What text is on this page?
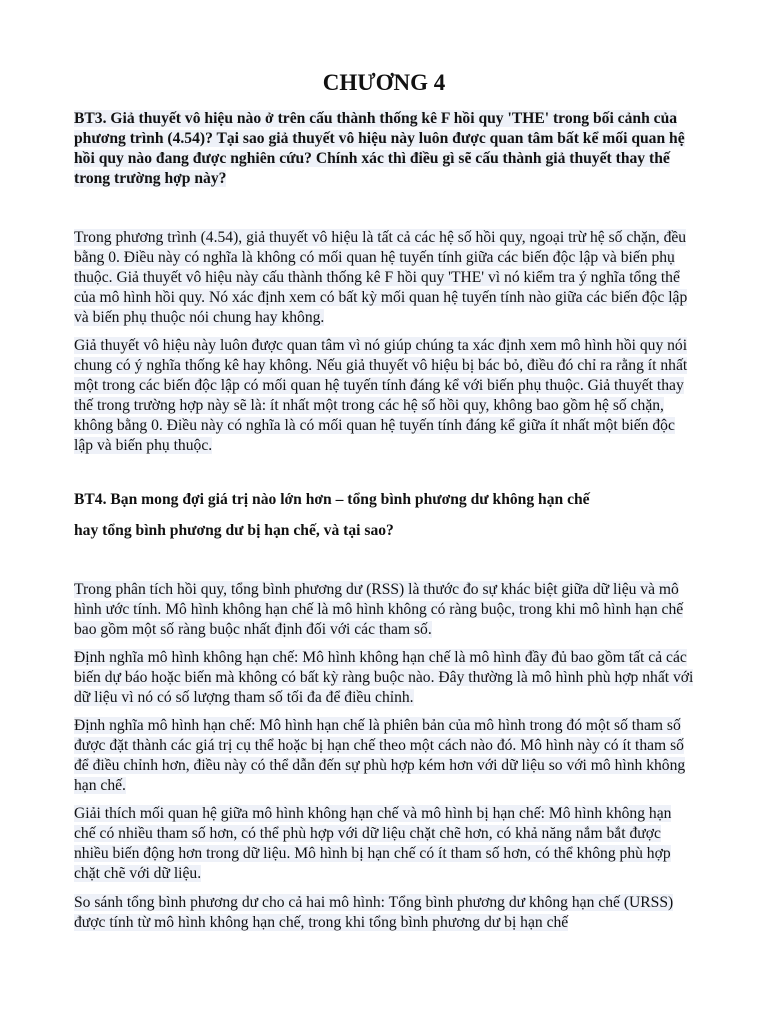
CHƯƠNG 4
BT3. Giả thuyết vô hiệu nào ở trên cấu thành thống kê F hồi quy 'THE' trong bối cảnh của phương trình (4.54)? Tại sao giả thuyết vô hiệu này luôn được quan tâm bất kể mối quan hệ hồi quy nào đang được nghiên cứu? Chính xác thì điều gì sẽ cấu thành giả thuyết thay thế trong trường hợp này?
Trong phương trình (4.54), giả thuyết vô hiệu là tất cả các hệ số hồi quy, ngoại trừ hệ số chặn, đều bằng 0. Điều này có nghĩa là không có mối quan hệ tuyến tính giữa các biến độc lập và biến phụ thuộc. Giả thuyết vô hiệu này cấu thành thống kê F hồi quy 'THE' vì nó kiểm tra ý nghĩa tổng thể của mô hình hồi quy. Nó xác định xem có bất kỳ mối quan hệ tuyến tính nào giữa các biến độc lập và biến phụ thuộc nói chung hay không.
Giả thuyết vô hiệu này luôn được quan tâm vì nó giúp chúng ta xác định xem mô hình hồi quy nói chung có ý nghĩa thống kê hay không. Nếu giả thuyết vô hiệu bị bác bỏ, điều đó chỉ ra rằng ít nhất một trong các biến độc lập có mối quan hệ tuyến tính đáng kể với biến phụ thuộc. Giả thuyết thay thế trong trường hợp này sẽ là: ít nhất một trong các hệ số hồi quy, không bao gồm hệ số chặn, không bằng 0. Điều này có nghĩa là có mối quan hệ tuyến tính đáng kể giữa ít nhất một biến độc lập và biến phụ thuộc.
BT4. Bạn mong đợi giá trị nào lớn hơn – tổng bình phương dư không hạn chế
hay tổng bình phương dư bị hạn chế, và tại sao?
Trong phân tích hồi quy, tổng bình phương dư (RSS) là thước đo sự khác biệt giữa dữ liệu và mô hình ước tính. Mô hình không hạn chế là mô hình không có ràng buộc, trong khi mô hình hạn chế bao gồm một số ràng buộc nhất định đối với các tham số.
Định nghĩa mô hình không hạn chế: Mô hình không hạn chế là mô hình đầy đủ bao gồm tất cả các biến dự báo hoặc biến mà không có bất kỳ ràng buộc nào. Đây thường là mô hình phù hợp nhất với dữ liệu vì nó có số lượng tham số tối đa để điều chỉnh.
Định nghĩa mô hình hạn chế: Mô hình hạn chế là phiên bản của mô hình trong đó một số tham số được đặt thành các giá trị cụ thể hoặc bị hạn chế theo một cách nào đó. Mô hình này có ít tham số để điều chỉnh hơn, điều này có thể dẫn đến sự phù hợp kém hơn với dữ liệu so với mô hình không hạn chế.
Giải thích mối quan hệ giữa mô hình không hạn chế và mô hình bị hạn chế: Mô hình không hạn chế có nhiều tham số hơn, có thể phù hợp với dữ liệu chặt chẽ hơn, có khả năng nắm bắt được nhiều biến động hơn trong dữ liệu. Mô hình bị hạn chế có ít tham số hơn, có thể không phù hợp chặt chẽ với dữ liệu.
So sánh tổng bình phương dư cho cả hai mô hình: Tổng bình phương dư không hạn chế (URSS) được tính từ mô hình không hạn chế, trong khi tổng bình phương dư bị hạn chế
